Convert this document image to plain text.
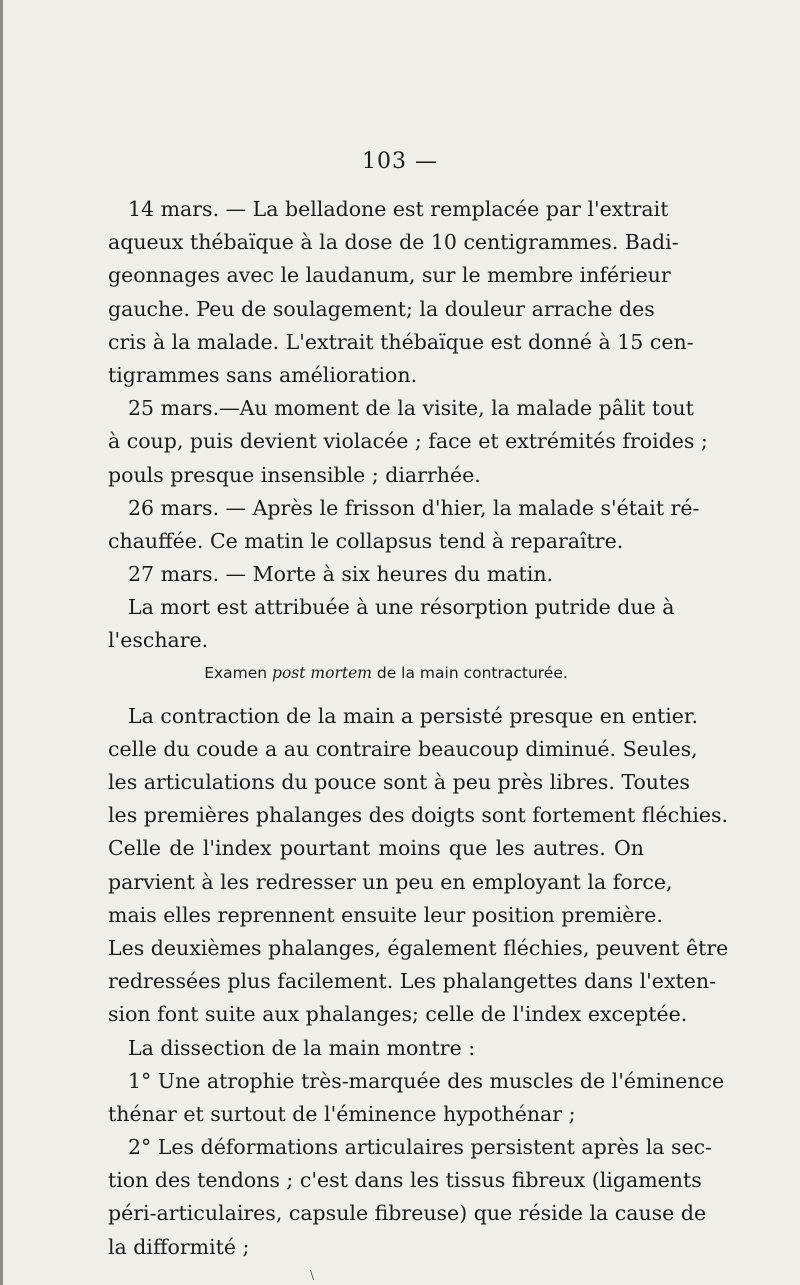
103 —
14 mars. — La belladone est remplacée par l'extrait
aqueux thébaïque à la dose de 10 centigrammes. Badi-
geonnages avec le laudanum, sur le membre inférieur
gauche. Peu de soulagement; la douleur arrache des
cris à la malade. L'extrait thébaïque est donné à 15 cen-
tigrammes sans amélioration.
25 mars.—Au moment de la visite, la malade pâlit tout
à coup, puis devient violacée ; face et extrémités froides ;
pouls presque insensible ; diarrhée.
26 mars. — Après le frisson d'hier, la malade s'était ré-
chauffée. Ce matin le collapsus tend à reparaître.
27 mars. — Morte à six heures du matin.
La mort est attribuée à une résorption putride due à
l'eschare.
Examen post mortem de la main contracturée.
La contraction de la main a persisté presque en entier.
celle du coude a au contraire beaucoup diminué. Seules,
les articulations du pouce sont à peu près libres. Toutes
les premières phalanges des doigts sont fortement fléchies.
Celle de l'index pourtant moins que les autres. On
parvient à les redresser un peu en employant la force,
mais elles reprennent ensuite leur position première.
Les deuxièmes phalanges, également fléchies, peuvent être
redressées plus facilement. Les phalangettes dans l'exten-
sion font suite aux phalanges; celle de l'index exceptée.
La dissection de la main montre :
1° Une atrophie très-marquée des muscles de l'éminence
thénar et surtout de l'éminence hypothénar ;
2° Les déformations articulaires persistent après la sec-
tion des tendons ; c'est dans les tissus fibreux (ligaments
péri-articulaires, capsule fibreuse) que réside la cause de
la difformité ;
\
